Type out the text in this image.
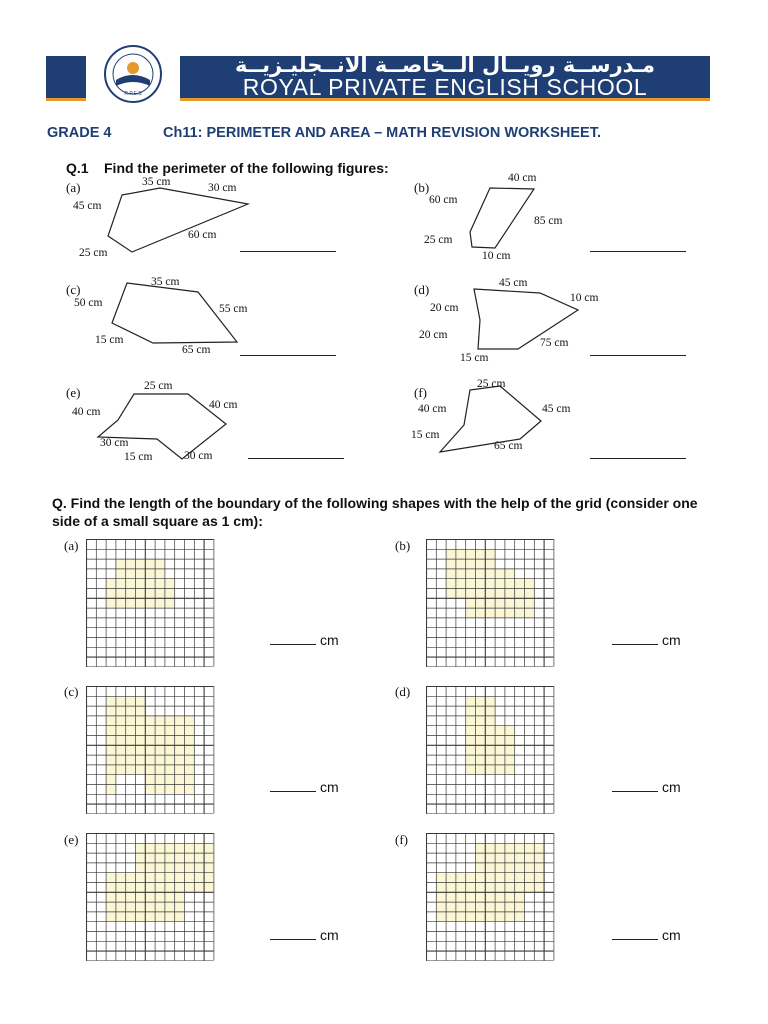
R.P.E.S
مـدرســة رويــال الــخاصــة الانــجليـزيــة
ROYAL PRIVATE ENGLISH SCHOOL
GRADE 4	Ch11: PERIMETER AND AREA – MATH REVISION WORKSHEET.
Q.1 Find the perimeter of the following figures:
(a)	(b)
(c)	(d)
(e)	(f)
35 cm	30 cm
45 cm
60 cm
25 cm
40 cm
60 cm
85 cm
25 cm
10 cm
35 cm
50 cm	55 cm
15 cm
65 cm
45 cm
10 cm
20 cm
20 cm
75 cm
15 cm
25 cm
40 cm
40 cm
30 cm
15 cm	30 cm
25 cm
40 cm	45 cm
15 cm
65 cm
Q. Find the length of the boundary of the following shapes with the help of the grid (consider one side of a small square as 1 cm):
(a)	(b)
(c)	(d)
(e)	(f)
cm	cm
cm	cm
cm	cm
